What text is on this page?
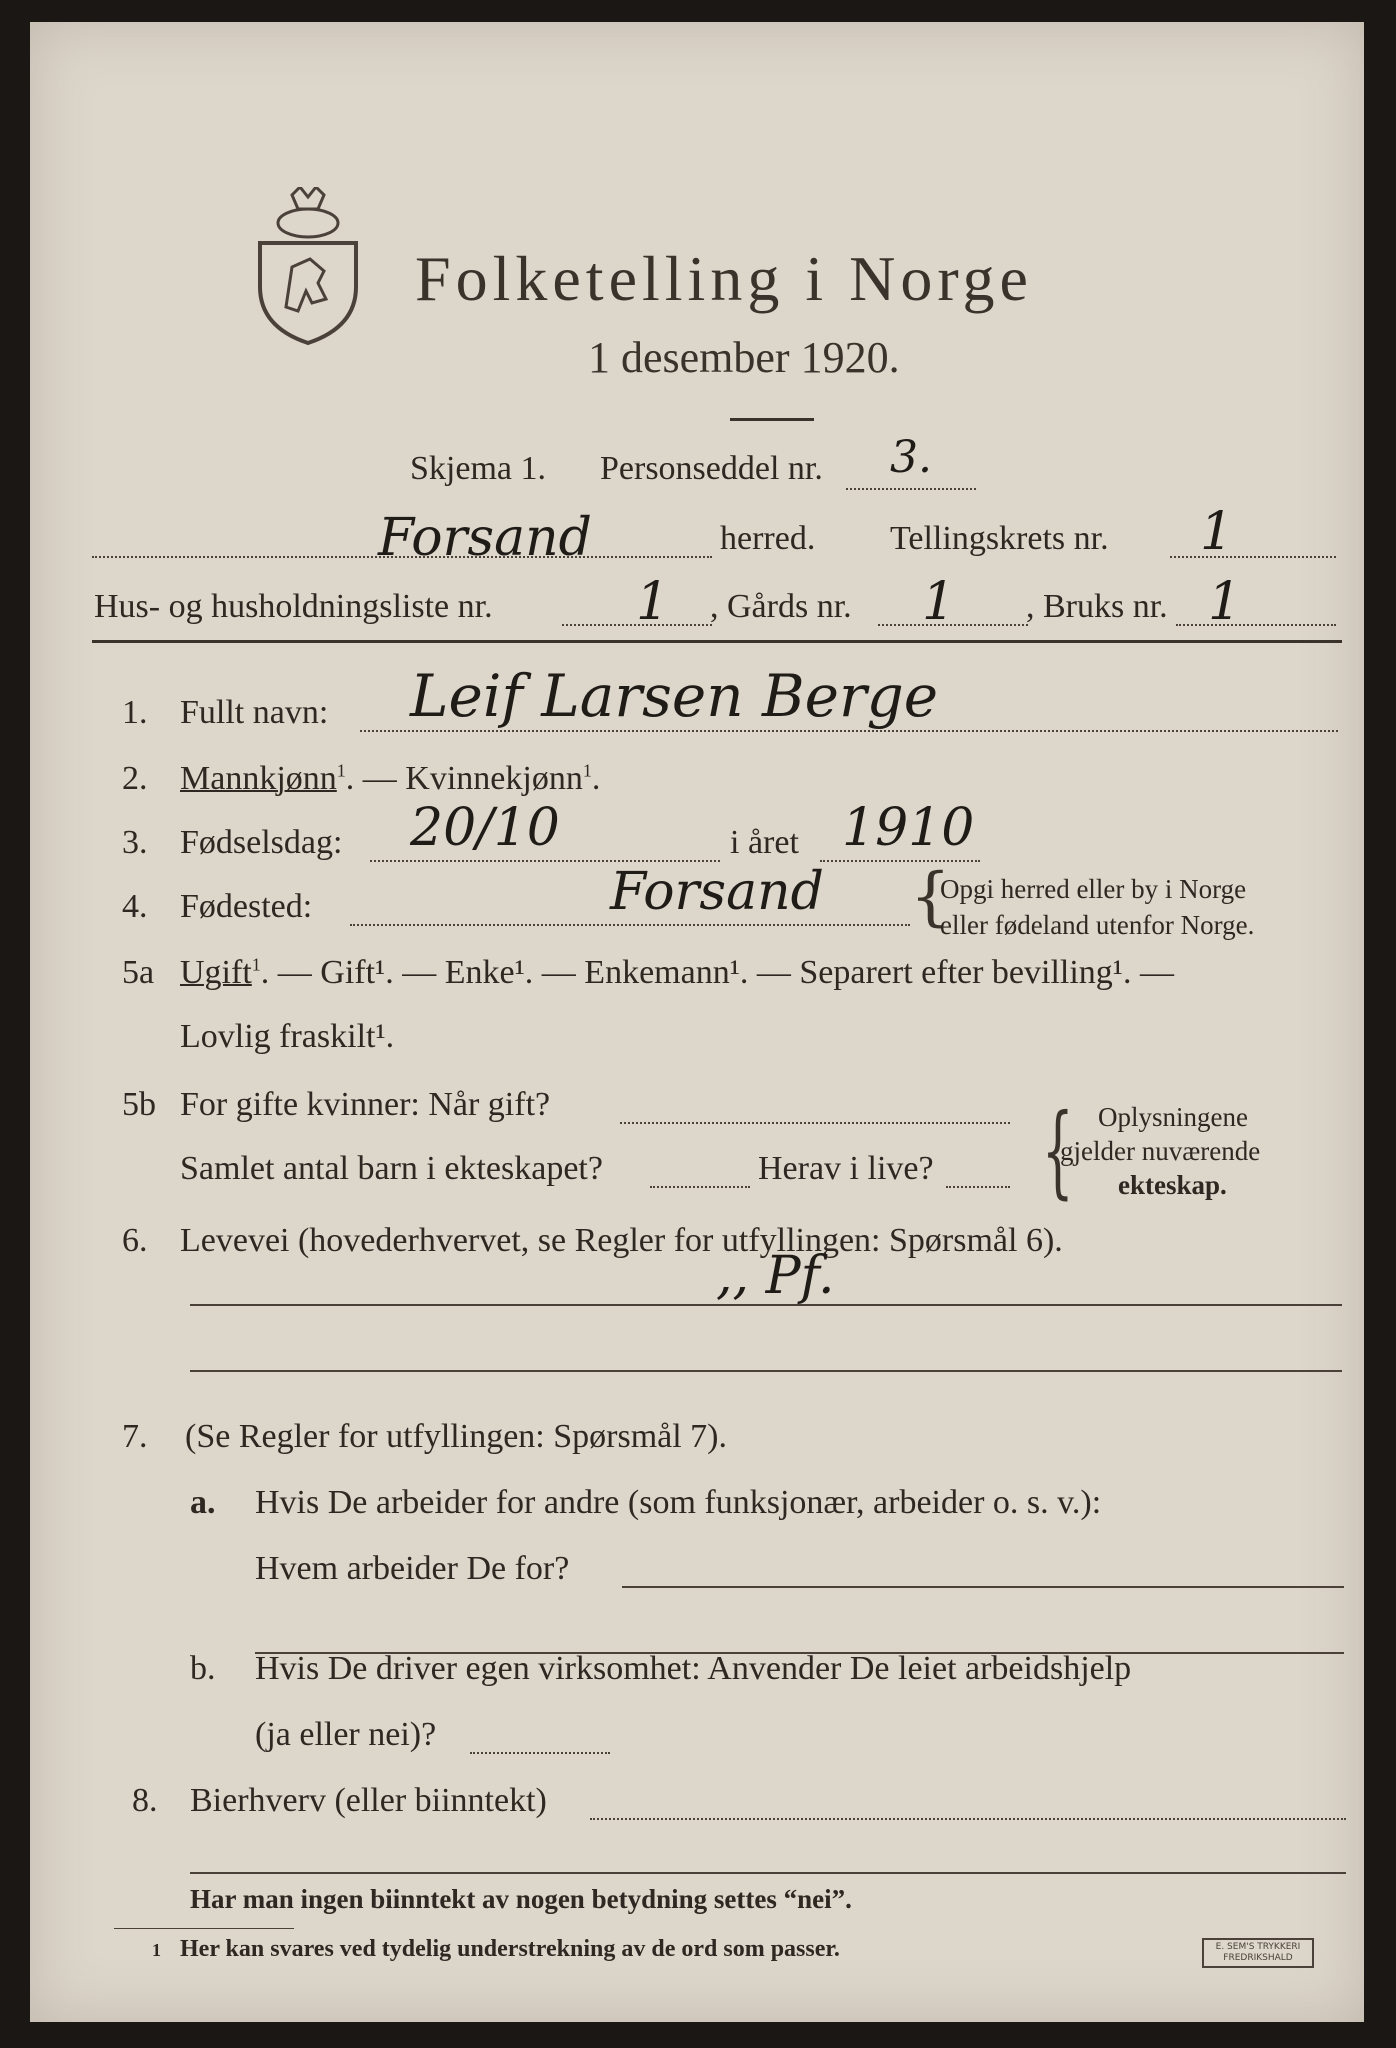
Folketelling i Norge
1 desember 1920.
Skjema 1. Personseddel nr. 3.
Forsand	herred. Tellingskrets nr. 1
Hus- og husholdningsliste nr.	1 , Gårds nr. 1 , Bruks nr. 1
1. Fullt navn: Leif Larsen Berge
2. Mannkjønn$^1$. — Kvinnekjønn$^1$.
3. Fødselsdag: 20/10	i året 1910
4. Fødested:	Forsand {
Opgi herred eller by i Norge
eller fødeland utenfor Norge.
5a Ugift$^1$. — Gift¹. — Enke¹. — Enkemann¹. — Separert efter bevilling¹. —
Lovlig fraskilt¹.
5b For gifte kvinner: Når gift?
Samlet antal barn i ekteskapet?	Herav i live? { Oplysningene
gjelder nuværende
ekteskap.
6. Levevei (hovederhvervet, se Regler for utfyllingen: Spørsmål 6).
,, Pf.
7. (Se Regler for utfyllingen: Spørsmål 7).
a. Hvis De arbeider for andre (som funksjonær, arbeider o. s. v.):
Hvem arbeider De for?
b. Hvis De driver egen virksomhet: Anvender De leiet arbeidshjelp
(ja eller nei)?
8. Bierhverv (eller biinntekt)
Har man ingen biinntekt av nogen betydning settes “nei”.
1 Her kan svares ved tydelig understrekning av de ord som passer.	E. SEM'S TRYKKERI FREDRIKSHALD
